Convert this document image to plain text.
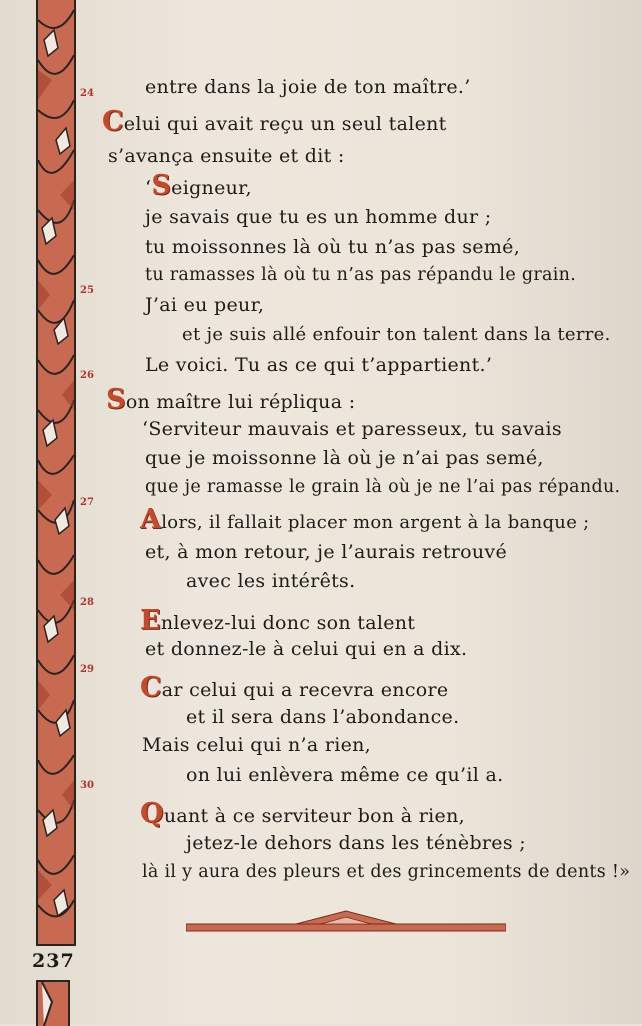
237
24
25
26
27
28
29
30
entre dans la joie de ton maître.’
Celui qui avait reçu un seul talent
s’avança ensuite et dit :
‘Seigneur,
je savais que tu es un homme dur ;
tu moissonnes là où tu n’as pas semé,
tu ramasses là où tu n’as pas répandu le grain.
J’ai eu peur,
et je suis allé enfouir ton talent dans la terre.
Le voici. Tu as ce qui t’appartient.’
Son maître lui répliqua :
‘Serviteur mauvais et paresseux, tu savais
que je moissonne là où je n’ai pas semé,
que je ramasse le grain là où je ne l’ai pas répandu.
Alors, il fallait placer mon argent à la banque ;
et, à mon retour, je l’aurais retrouvé
avec les intérêts.
Enlevez-lui donc son talent
et donnez-le à celui qui en a dix.
Car celui qui a recevra encore
et il sera dans l’abondance.
Mais celui qui n’a rien,
on lui enlèvera même ce qu’il a.
Quant à ce serviteur bon à rien,
jetez-le dehors dans les ténèbres ;
là il y aura des pleurs et des grincements de dents !»
